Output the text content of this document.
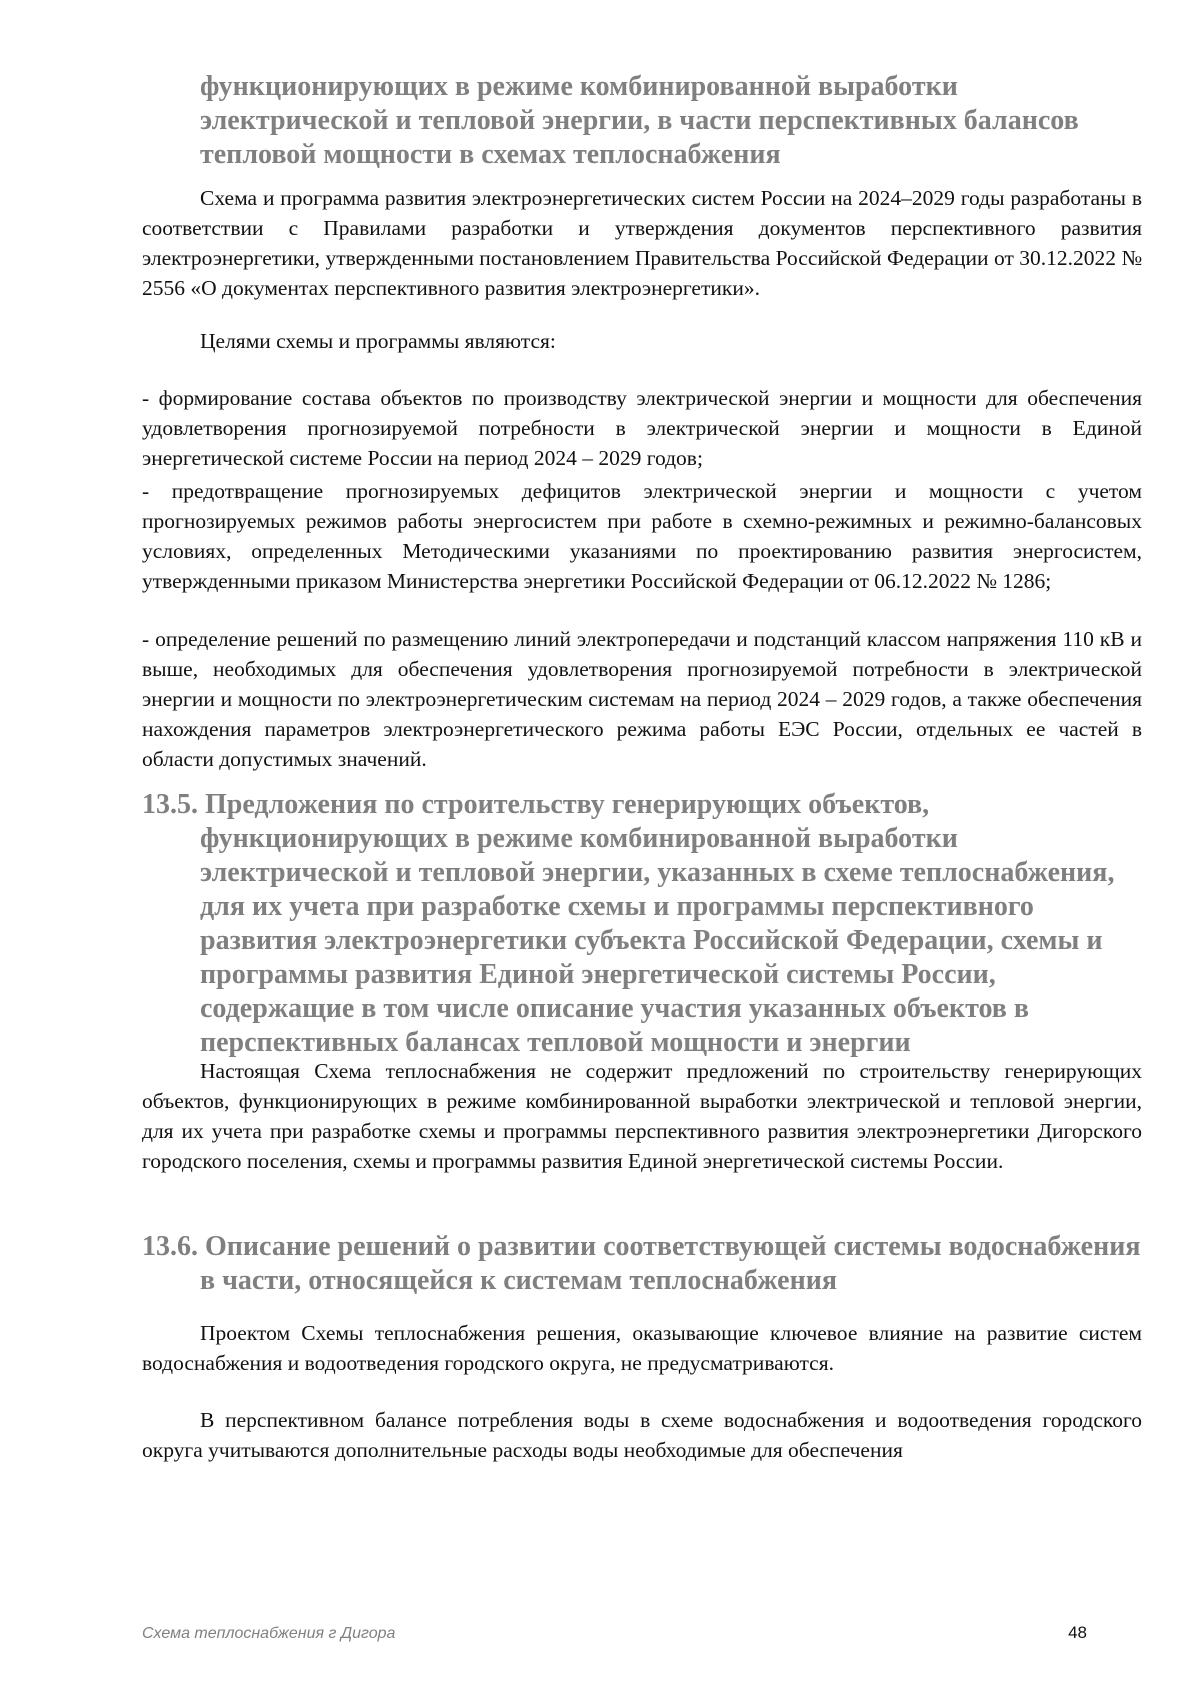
функционирующих в режиме комбинированной выработки электрической и тепловой энергии, в части перспективных балансов тепловой мощности в схемах теплоснабжения
Схема и программа развития электроэнергетических систем России на 2024–2029 годы разработаны в соответствии с Правилами разработки и утверждения документов перспективного развития электроэнергетики, утвержденными постановлением Правительства Российской Федерации от 30.12.2022 № 2556 «О документах перспективного развития электроэнергетики».
Целями схемы и программы являются:
- формирование состава объектов по производству электрической энергии и мощности для обеспечения удовлетворения прогнозируемой потребности в электрической энергии и мощности в Единой энергетической системе России на период 2024 – 2029 годов;
- предотвращение прогнозируемых дефицитов электрической энергии и мощности с учетом прогнозируемых режимов работы энергосистем при работе в схемно-режимных и режимно-балансовых условиях, определенных Методическими указаниями по проектированию развития энергосистем, утвержденными приказом Министерства энергетики Российской Федерации от 06.12.2022 № 1286;
- определение решений по размещению линий электропередачи и подстанций классом напряжения 110 кВ и выше, необходимых для обеспечения удовлетворения прогнозируемой потребности в электрической энергии и мощности по электроэнергетическим системам на период 2024 – 2029 годов, а также обеспечения нахождения параметров электроэнергетического режима работы ЕЭС России, отдельных ее частей в области допустимых значений.
13.5. Предложения по строительству генерирующих объектов, функционирующих в режиме комбинированной выработки электрической и тепловой энергии, указанных в схеме теплоснабжения, для их учета при разработке схемы и программы перспективного развития электроэнергетики субъекта Российской Федерации, схемы и программы развития Единой энергетической системы России, содержащие в том числе описание участия указанных объектов в перспективных балансах тепловой мощности и энергии
Настоящая Схема теплоснабжения не содержит предложений по строительству генерирующих объектов, функционирующих в режиме комбинированной выработки электрической и тепловой энергии, для их учета при разработке схемы и программы перспективного развития электроэнергетики Дигорского городского поселения, схемы и программы развития Единой энергетической системы России.
13.6. Описание решений о развитии соответствующей системы водоснабжения в части, относящейся к системам теплоснабжения
Проектом Схемы теплоснабжения решения, оказывающие ключевое влияние на развитие систем водоснабжения и водоотведения городского округа, не предусматриваются.
В перспективном балансе потребления воды в схеме водоснабжения и водоотведения городского округа учитываются дополнительные расходы воды необходимые для обеспечения
Схема теплоснабжения г Дигора	48
